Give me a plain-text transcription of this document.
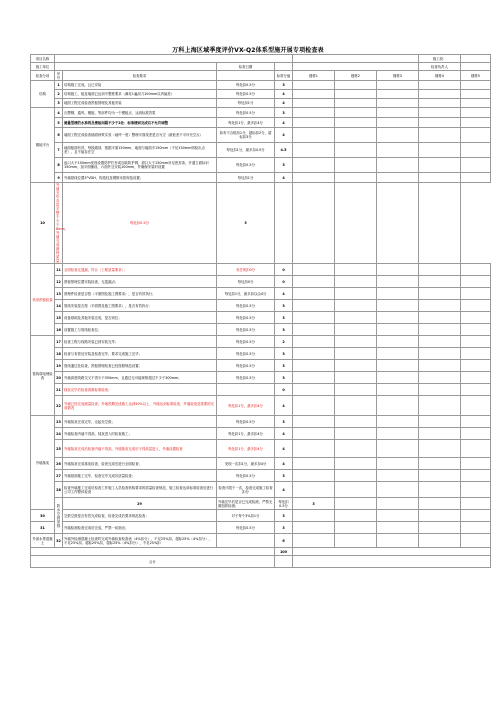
万科上海区域季度评价VX-Q2体系型施开展专项检查表
项目名称								施工段：		
施工单位			检查日期					检查负责人		
检查分项	序号	检查要求		标准分值	楼栋1	楼栋2	楼栋3	楼栋4	楼栋5	
结构	1	结构施工完成，且已安装	每处扣0.5分	3						
	2	结构施工，板及墙面已达到平整度要求（满足1遍刮刀100mm以内偏差）	每处扣0.5分	4						
	3	地面工程完成检查预留预埋及其他安装	每处扣1分	4						
楼地平台	4	瓦楞钢、通风、楼板、等部件均为一个模板点，达到标准效果	每处扣0.5分	3						
	5	测量型楼的水准线及楼板间隔不少于2处：标准楼面完成后不允许调整	每处扣1分，最多扣4分	4						
	6	墙面工程完成检查墙面砂浆实验（地坪一度）整理平面找差是否为空（最低差不平补充空点）	如有不合格扣1分，超标扣2分，超标扣3分	4						
	7	地面板面有效，每段端部，根据平面150mm，地面与墙面平150mm（不足150mm则检出点差），且不能存在空	每处扣1分，最多扣4.5分	4.5						
	8	起口大于150mm发现设置防护栏杆或加装防护网，面口大于150mm补足密封条，开通立面标识150mm，加平面铺设、六面并且安装100mm，并确保安装时设置	每处扣0.5分	3						
	9	外墙基线位置3°VDH，构造柱及钢筋未按规范设置；	每处扣1分	4						
10	外墙完毕各层平整不少于8mm，外墙完成最终质量；	每处扣0.5分	3							
机房预留检查	11	全面检查无遗漏，符合（工程质量要求）；	有任何扣0分	0						
	12	预留预埋位置安装检查，无遗漏点；	每处扣0分	0						
	13	预埋件检查是否按（平面图及施工图要求），是否有效执行；	每处扣1分，最多扣以由4分	4						
	14	管线安装是否按（平面图及施工图要求），是否有效执行；	每处扣0.5分	3						
	15	设备基础及其他安装完成，是否到位；	每处扣0.5分	3						
	16	设置施工与管线检查位；	每处扣0.5分	3						
管线弱电埋检查	17	检查工程与线路安装已到安装完毕；	每处扣0.5分	2						
	18	检查与布管处安装及检查完毕，要求完成施工完毕；	每处扣0.5分	3						
	19	管线通过处检查，预留预埋检查已经按照规范设置；	每处扣0.5分	3						
	20	外墙高度线路交叉不得少于350mm，且通过无可能规格超过不少于300mm；	每处扣0.5分	3						
	21	抹灰完毕后检查须做标准检查；		0						
	22	外墙已经完成测量检查，外墙预期完成施工达到50%以上，外墙达到标准检查，外墙检查及需要的完成情况	每处扣1分，最多扣4分	4						
外墙抹灰	23	外墙抹灰完成完毕，无起壳空鼓；	每处扣0.5分	3						
	24	外墙检查内墙不得高，抹灰进入时检查施工；	每处扣1分，最多扣4分	4						
	25	外墙抹灰完成后检查内墙不得高，外墙抹灰完成后不得高层进入，外墙设置检查	每处扣1分，最多扣4分	4						
	26	外墙抹灰完成抹灰检查，检查完成后进行全面检查；	发现一次扣1分，最多扣4分	4						
	27	外墙基面施工完毕，检查完毕完成后质量检查；	每处扣0.5分	3						
	28	检查外墙施工完成后检查工作施工人员检查机构要求的质量检查规范，施工检查达到标准检查后进行公司工作整体检查	检查只限于一次，检查完成施工检查扣分	4						
	防水空鼓顶排	29	外墙完毕后是否已完成检测，严禁无照组织检测；	每处扣0.5分	3					
30		空鼓空鼓是否有效完成检查，检查完成后要求规范检查；	对于每个3%扣1分	3						
31		外墙检测检查完成后完成，严禁一切抽出；	每处扣0.5分	3						
外部水景混凝土	32	外墙外检测混凝土检查时完成外墙检查检查表（4%扣分），不足25%扣，超标25%（4%扣分），不足25%扣，超标25%扣，超标25%（4%扣分），不足25%扣		6						
				100						
合计										
